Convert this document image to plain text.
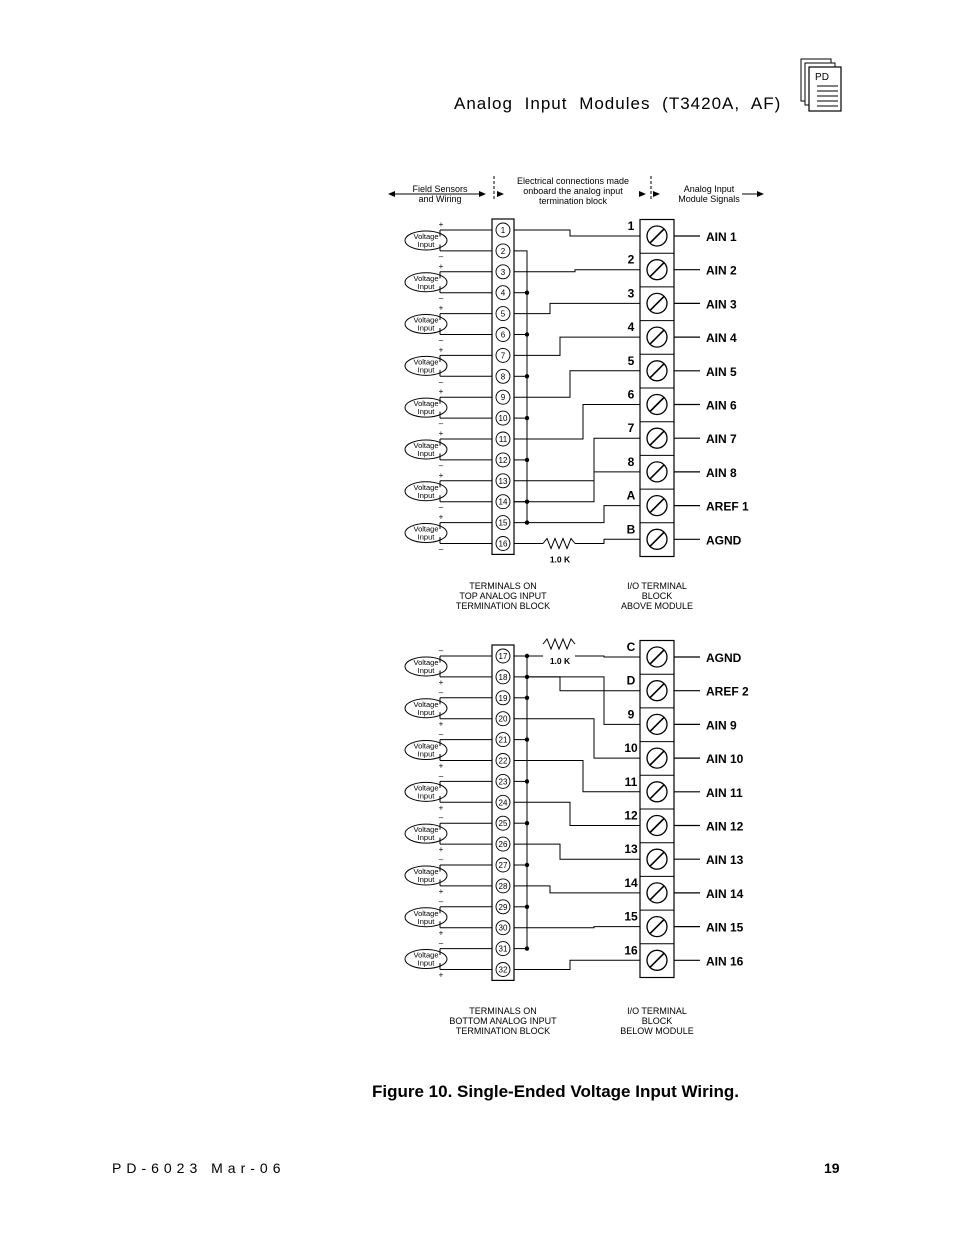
Analog Input Modules (T3420A, AF)
PD
Field Sensors
and Wiring
Electrical connections made
onboard the analog input
termination block
Analog Input
Module Signals
TERMINALS ON
TOP ANALOG INPUT
TERMINATION BLOCK
I/O TERMINAL
BLOCK
ABOVE MODULE
TERMINALS ON
BOTTOM ANALOG INPUT
TERMINATION BLOCK
I/O TERMINAL
BLOCK
BELOW MODULE
1
2
3
4
5
6
7
8
9
10
11
12
13
14
15
16
Voltage
Input
+
–
Voltage
Input
+
–
Voltage
Input
+
–
Voltage
Input
+
–
Voltage
Input
+
–
Voltage
Input
+
–
Voltage
Input
+
–
Voltage
Input
+
–
1
AIN 1
2
AIN 2
3
AIN 3
4
AIN 4
5
AIN 5
6
AIN 6
7
AIN 7
8
AIN 8
A
AREF 1
B
AGND
1.0 K
17
18
19
20
21
22
23
24
25
26
27
28
29
30
31
32
Voltage
Input
–
+
Voltage
Input
–
+
Voltage
Input
–
+
Voltage
Input
–
+
Voltage
Input
–
+
Voltage
Input
–
+
Voltage
Input
–
+
Voltage
Input
–
+
C
AGND
D
AREF 2
9
AIN 9
10
AIN 10
11
AIN 11
12
AIN 12
13
AIN 13
14
AIN 14
15
AIN 15
16
AIN 16
1.0 K
Figure 10. Single-Ended Voltage Input Wiring.
PD-6023 Mar-06	19
